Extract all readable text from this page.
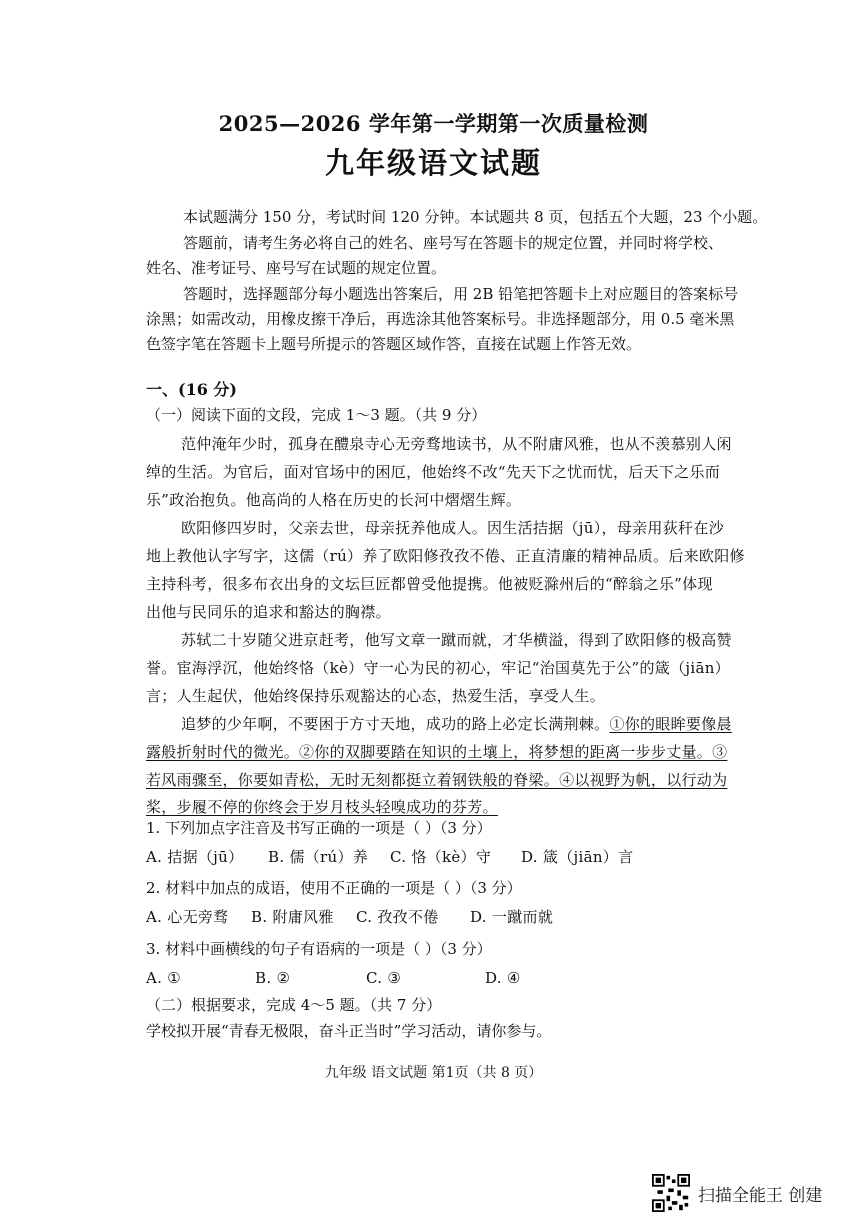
2025—2026 学年第一学期第一次质量检测
九年级语文试题
本试题满分 150 分，考试时间 120 分钟。本试题共 8 页，包括五个大题，23 个小题。
答题前，请考生务必将自己的姓名、座号写在答题卡的规定位置，并同时将学校、
姓名、准考证号、座号写在试题的规定位置。
答题时，选择题部分每小题选出答案后，用 2B 铅笔把答题卡上对应题目的答案标号
涂黑；如需改动，用橡皮擦干净后，再选涂其他答案标号。非选择题部分，用 0.5 毫米黑
色签字笔在答题卡上题号所提示的答题区域作答，直接在试题上作答无效。
一、(16 分)
（一）阅读下面的文段，完成 1～3 题。（共 9 分）
范仲淹年少时，孤身在醴泉寺心无旁骛地读书，从不附庸风雅，也从不羡慕别人闲
绰的生活。为官后，面对官场中的困厄，他始终不改“先天下之忧而忧，后天下之乐而
乐”政治抱负。他高尚的人格在历史的长河中熠熠生辉。
欧阳修四岁时，父亲去世，母亲抚养他成人。因生活拮据（jū），母亲用荻秆在沙
地上教他认字写字，这儒（rú）养了欧阳修孜孜不倦、正直清廉的精神品质。后来欧阳修
主持科考，很多布衣出身的文坛巨匠都曾受他提携。他被贬滁州后的“醉翁之乐”体现
出他与民同乐的追求和豁达的胸襟。
苏轼二十岁随父进京赶考，他写文章一蹴而就，才华横溢，得到了欧阳修的极高赞
誉。宦海浮沉，他始终恪（kè）守一心为民的初心，牢记“治国莫先于公”的箴（jiān）
言；人生起伏，他始终保持乐观豁达的心态，热爱生活，享受人生。
追梦的少年啊，不要困于方寸天地，成功的路上必定长满荆棘。①你的眼眸要像晨
露般折射时代的微光。②你的双脚要踏在知识的土壤上，将梦想的距离一步步丈量。③
若风雨骤至，你要如青松，无时无刻都挺立着钢铁般的脊梁。④以视野为帆，以行动为
桨，步履不停的你终会于岁月枝头轻嗅成功的芬芳。
1. 下列加点字注音及书写正确的一项是（ ）（3 分）
A. 拮据（jū） B. 儒（rú）养 C. 恪（kè）守 D. 箴（jiān）言
2. 材料中加点的成语，使用不正确的一项是（ ）（3 分）
A. 心无旁骛 B. 附庸风雅 C. 孜孜不倦 D. 一蹴而就
3. 材料中画横线的句子有语病的一项是（ ）（3 分）
A. ①	B. ②	C. ③	D. ④
（二）根据要求，完成 4～5 题。（共 7 分）
学校拟开展“青春无极限，奋斗正当时”学习活动，请你参与。
九年级 语文试题 第1页（共 8 页）
扫描全能王 创建
